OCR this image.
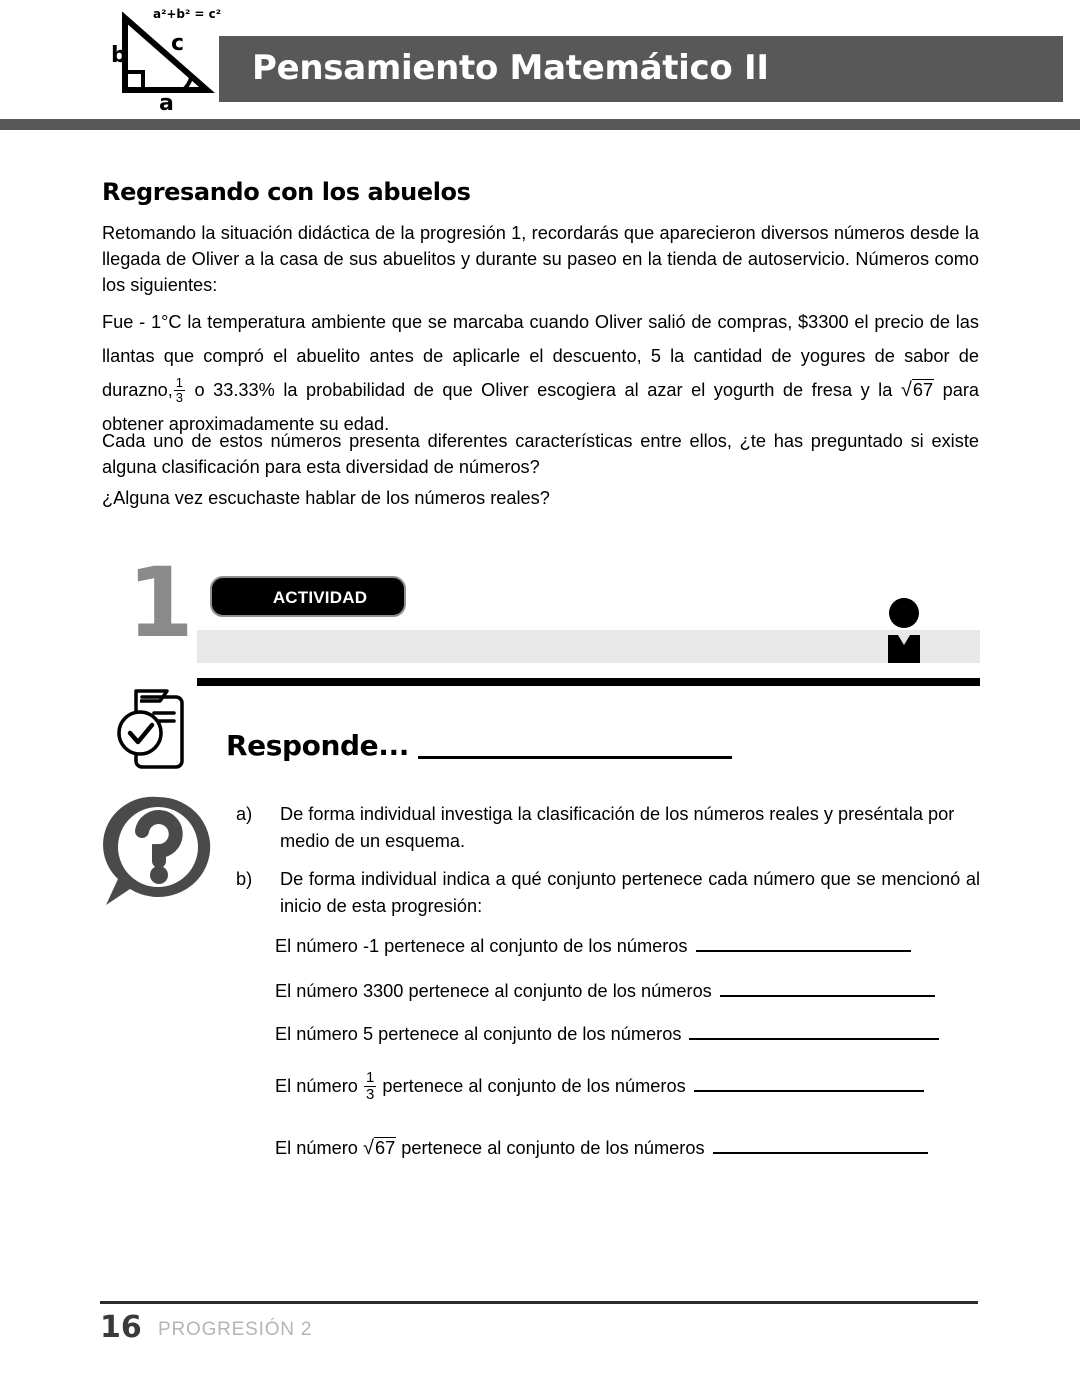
b
a
c
a²+b² = c²
Pensamiento Matemático II
Regresando con los abuelos
Retomando la situación didáctica de la progresión 1, recordarás que aparecieron diversos números desde la llegada de Oliver a la casa de sus abuelitos y durante su paseo en la tienda de autoservicio. Números como los siguientes:
Fue - 1°C la temperatura ambiente que se marcaba cuando Oliver salió de compras, $3300 el precio de las llantas que compró el abuelito antes de aplicarle el descuento, 5 la cantidad de yogures de sabor de durazno, $\frac{1}{3}$ o 33.33% la probabilidad de que Oliver escogiera al azar el yogurth de fresa y la √67 para obtener aproximadamente su edad.
Cada uno de estos números presenta diferentes características entre ellos, ¿te has preguntado si existe alguna clasificación para esta diversidad de números?
¿Alguna vez escuchaste hablar de los números reales?
1	ACTIVIDAD
Responde...
a)	De forma individual investiga la clasificación de los números reales y preséntala por medio de un esquema.
b)	De forma individual indica a qué conjunto pertenece cada número que se mencionó al inicio de esta progresión:
El número -1 pertenece al conjunto de los números
El número 3300 pertenece al conjunto de los números
El número 5 pertenece al conjunto de los números
El número $\frac{1}{3}$ pertenece al conjunto de los números
El número √67 pertenece al conjunto de los números
16 PROGRESIÓN 2
